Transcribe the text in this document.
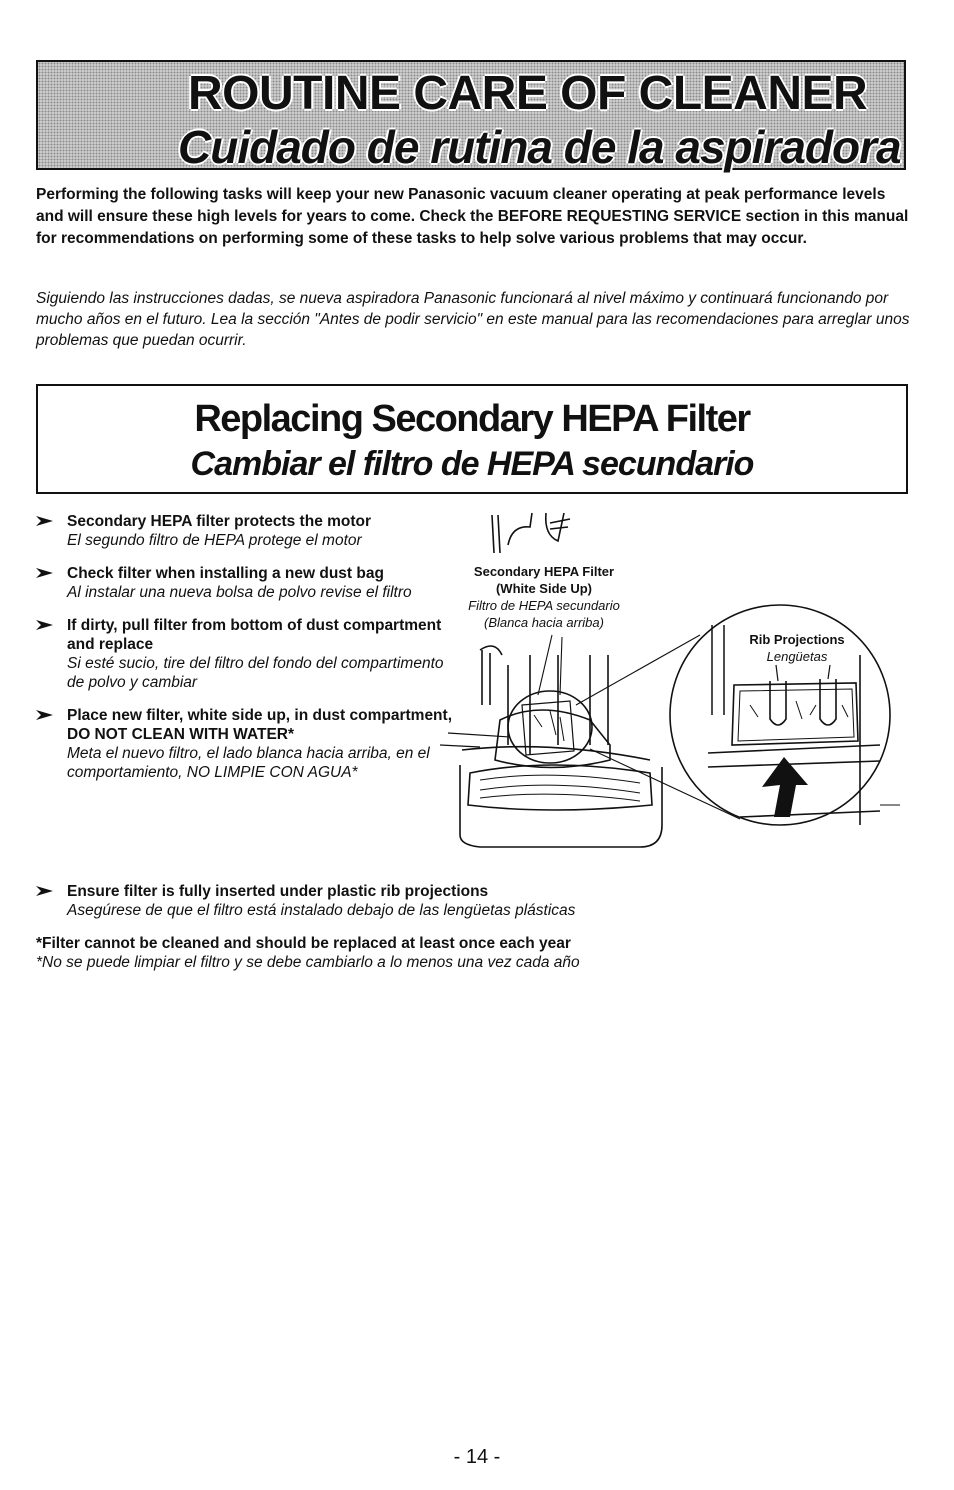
ROUTINE CARE OF CLEANER
Cuidado de rutina de la aspiradora

Performing the following tasks will keep your new Panasonic vacuum cleaner operating at peak performance levels and will ensure these high levels for years to come. Check the BEFORE REQUESTING SERVICE section in this manual for recommendations on performing some of these tasks to help solve various problems that may occur.

Siguiendo las instrucciones dadas, se nueva aspiradora Panasonic funcionará al nivel máximo y continuará funcionando por mucho años en el futuro. Lea la sección "Antes de podir servicio" en este manual para las recomendaciones para arreglar unos problemas que puedan ocurrir.

Replacing Secondary HEPA Filter
Cambiar el filtro de HEPA secundario
Secondary HEPA filter protects the motor
El segundo filtro de HEPA protege el motor
Check filter when installing a new dust bag
Al instalar una nueva bolsa de polvo revise el filtro
If dirty, pull filter from bottom of dust compartment and replace
Si esté sucio, tire del filtro del fondo del compartimento de polvo y cambiar
Place new filter, white side up, in dust compartment, DO NOT CLEAN WITH WATER*
Meta el nuevo filtro, el lado blanca hacia arriba, en el comportamiento, NO LIMPIE CON AGUA*
Ensure filter is fully inserted under plastic rib projections
Asegúrese de que el filtro está instalado debajo de las lengüetas plásticas
*Filter cannot be cleaned and should be replaced at least once each year
*No se puede limpiar el filtro y se debe cambiarlo a lo menos una vez cada año
Secondary HEPA Filter
(White Side Up)
Filtro de HEPA secundario
(Blanca hacia arriba)
Rib Projections
Lengüetas
- 14 -
